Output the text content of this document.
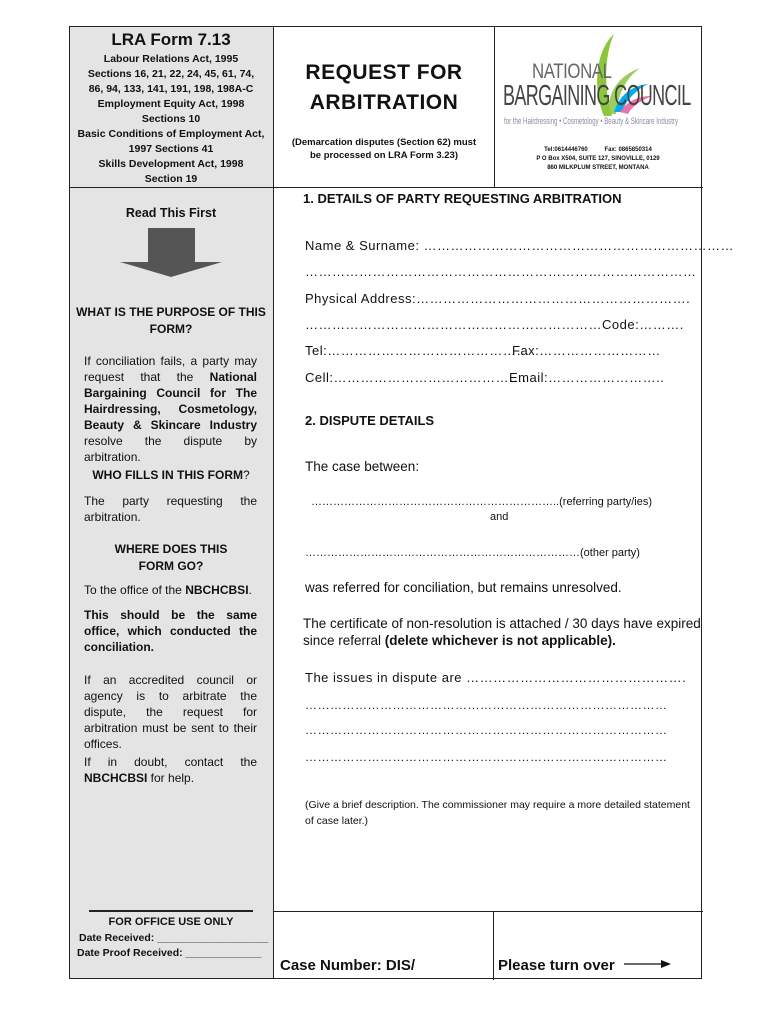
LRA Form 7.13
Labour Relations Act, 1995
Sections 16, 21, 22, 24, 45, 61, 74,
86, 94, 133, 141, 191, 198, 198A-C
Employment Equity Act, 1998
Sections 10
Basic Conditions of Employment Act,
1997 Sections 41
Skills Development Act, 1998
Section 19
REQUEST FOR
ARBITRATION
(Demarcation disputes (Section 62) must
be processed on LRA Form 3.23)
NATIONAL
BARGAINING COUNCIL
for the Hairdressing • Cosmetology • Beauty & Skincare Industry
Tel:0614446760	Fax: 0865850314
P O Box X504, SUITE 127, SINOVILLE, 0129
860 MILKPLUM STREET, MONTANA
Read This First
WHAT IS THE PURPOSE OF THIS
FORM?
If conciliation fails, a party may request that the National Bargaining Council for The Hairdressing, Cosmetology, Beauty & Skincare Industry resolve the dispute by arbitration.
WHO FILLS IN THIS FORM?
The party requesting the arbitration.
WHERE DOES THIS
FORM GO?
To the office of the NBCHCBSI.
This should be the same office, which conducted the conciliation.
If an accredited council or agency is to arbitrate the dispute, the request for arbitration must be sent to their offices.
If in doubt, contact the NBCHCBSI for help.
FOR OFFICE USE ONLY
Date Received: ___________________
Date Proof Received: _____________
1. DETAILS OF PARTY REQUESTING ARBITRATION
Name & Surname: ……………………………………………………………
……………………………………………………………………………
Physical Address:…………………………………………………….
…………………………………………………………Code:……….
Tel:………………………………………
Fax:………………………
Cell:…………………………………….
Email:……………………..
2. DISPUTE DETAILS
The case between:
…………………………………………………………..(referring party/ies)
and
…………………………………………………………………(other party)
was referred for conciliation, but remains unresolved.
The certificate of non-resolution is attached / 30 days have expired
since referral (delete whichever is not applicable).
The issues in dispute are ………………………………………….
……………………………………………………………………………
……………………………………………………………………………
……………………………………………………………………………
(Give a brief description. The commissioner may require a more detailed statement
of case later.)
Case Number: DIS/	Please turn over
